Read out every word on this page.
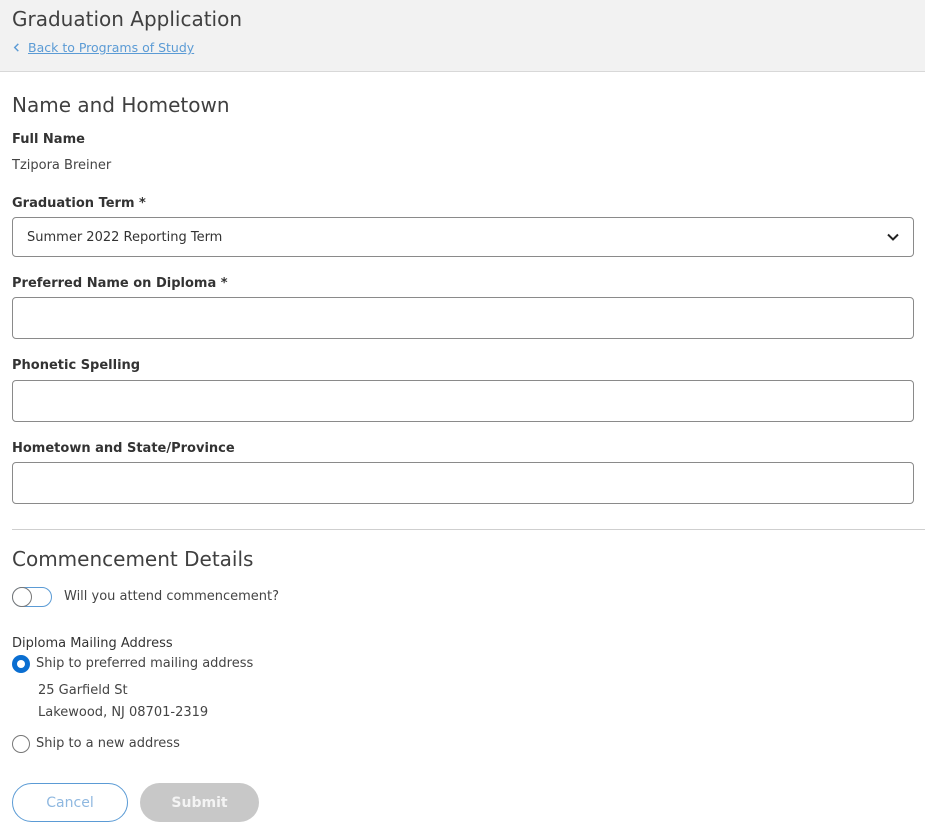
Graduation Application
Back to Programs of Study
Name and Hometown
Full Name
Tzipora Breiner
Graduation Term *
Summer 2022 Reporting Term
Preferred Name on Diploma *
Phonetic Spelling
Hometown and State/Province
Commencement Details
Will you attend commencement?
Diploma Mailing Address
Ship to preferred mailing address
25 Garfield St
Lakewood, NJ 08701-2319
Ship to a new address
Cancel	Submit
